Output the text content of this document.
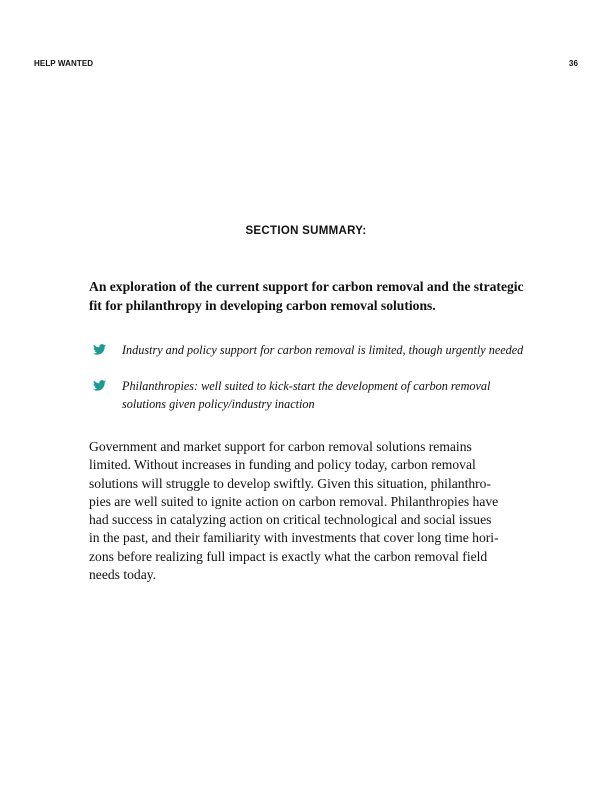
HELP WANTED	36
SECTION SUMMARY:
An exploration of the current support for carbon removal and the strategic fit for philanthropy in developing carbon removal solutions.
Industry and policy support for carbon removal is limited, though urgently needed
Philanthropies: well suited to kick-start the development of carbon removal solutions given policy/industry inaction
Government and market support for carbon removal solutions remains
limited. Without increases in funding and policy today, carbon removal
solutions will struggle to develop swiftly. Given this situation, philanthro-
pies are well suited to ignite action on carbon removal. Philanthropies have
had success in catalyzing action on critical technological and social issues
in the past, and their familiarity with investments that cover long time hori-
zons before realizing full impact is exactly what the carbon removal field
needs today.
